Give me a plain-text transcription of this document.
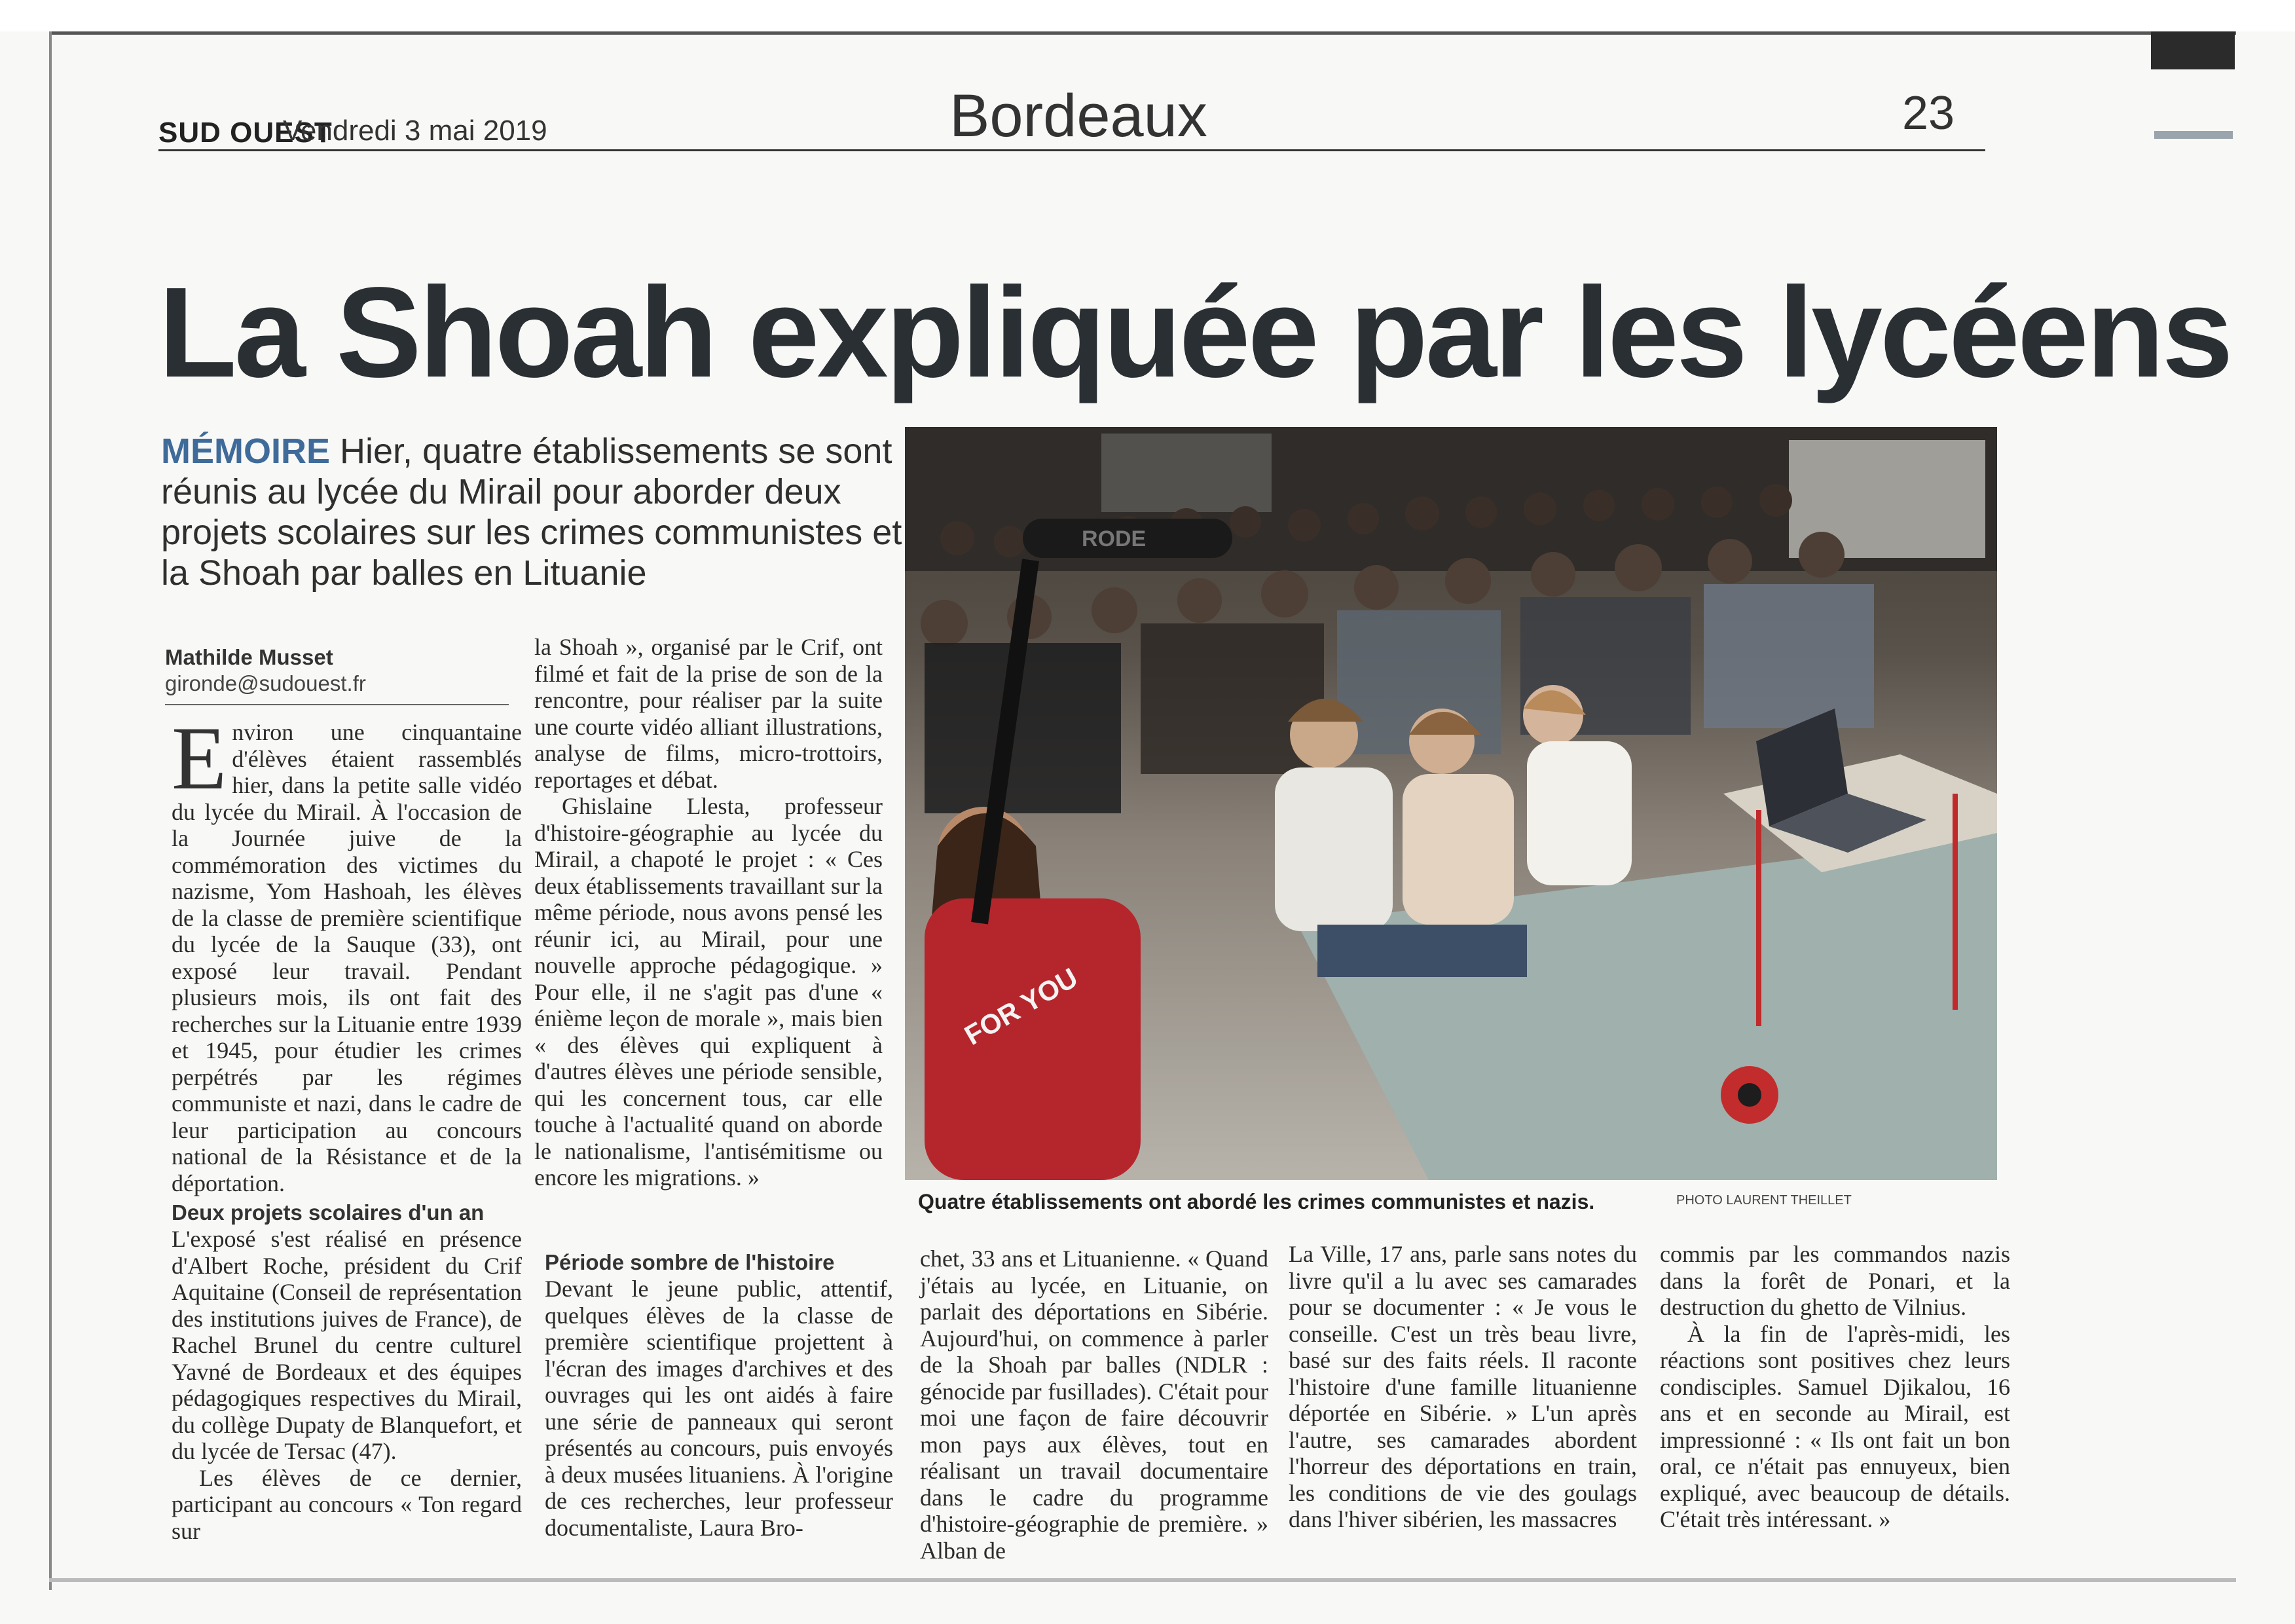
SUD OUEST
Vendredi 3 mai 2019	Bordeaux	23
La Shoah expliquée par les lycéens
MÉMOIRE Hier, quatre établissements se sont réunis au lycée du Mirail pour aborder deux projets scolaires sur les crimes communistes et la Shoah par balles en Lituanie
Mathilde Musset
gironde@sudouest.fr

Environ une cinquantaine d'élèves étaient rassemblés hier, dans la petite salle vidéo du lycée du Mirail. À l'occasion de la Journée juive de la commémoration des victimes du nazisme, Yom Hashoah, les élèves de la classe de première scientifique du lycée de la Sauque (33), ont exposé leur travail. Pendant plusieurs mois, ils ont fait des recherches sur la Lituanie entre 1939 et 1945, pour étudier les crimes perpétrés par les régimes communiste et nazi, dans le cadre de leur participation au concours national de la Résistance et de la déportation.

Deux projets scolaires d'un an

L'exposé s'est réalisé en présence d'Albert Roche, président du Crif Aquitaine (Conseil de représentation des institutions juives de France), de Rachel Brunel du centre culturel Yavné de Bordeaux et des équipes pédagogiques respectives du Mirail, du collège Dupaty de Blanquefort, et du lycée de Tersac (47).

Les élèves de ce dernier, participant au concours « Ton regard sur

la Shoah », organisé par le Crif, ont filmé et fait de la prise de son de la rencontre, pour réaliser par la suite une courte vidéo alliant illustrations, analyse de films, micro-trottoirs, reportages et débat.

Ghislaine Llesta, professeur d'histoire-géographie au lycée du Mirail, a chapoté le projet : « Ces deux établissements travaillant sur la même période, nous avons pensé les réunir ici, au Mirail, pour une nouvelle approche pédagogique. » Pour elle, il ne s'agit pas d'une « énième leçon de morale », mais bien « des élèves qui expliquent à d'autres élèves une période sensible, qui les concernent tous, car elle touche à l'actualité quand on aborde le nationalisme, l'antisémitisme ou encore les migrations. »

Période sombre de l'histoire

Devant le jeune public, attentif, quelques élèves de la classe de première scientifique projettent à l'écran des images d'archives et des ouvrages qui les ont aidés à faire une série de panneaux qui seront présentés au concours, puis envoyés à deux musées lituaniens. À l'origine de ces recherches, leur professeur documentaliste, Laura Bro-

chet, 33 ans et Lituanienne. « Quand j'étais au lycée, en Lituanie, on parlait des déportations en Sibérie. Aujourd'hui, on commence à parler de la Shoah par balles (NDLR : génocide par fusillades). C'était pour moi une façon de faire découvrir mon pays aux élèves, tout en réalisant un travail documentaire dans le cadre du programme d'histoire-géographie de première. » Alban de

La Ville, 17 ans, parle sans notes du livre qu'il a lu avec ses camarades pour se documenter : « Je vous le conseille. C'est un très beau livre, basé sur des faits réels. Il raconte l'histoire d'une famille lituanienne déportée en Sibérie. » L'un après l'autre, ses camarades abordent l'horreur des déportations en train, les conditions de vie des goulags dans l'hiver sibérien, les massacres

commis par les commandos nazis dans la forêt de Ponari, et la destruction du ghetto de Vilnius.

À la fin de l'après-midi, les réactions sont positives chez leurs condisciples. Samuel Djikalou, 16 ans et en seconde au Mirail, est impressionné : « Ils ont fait un bon oral, ce n'était pas ennuyeux, bien expliqué, avec beaucoup de détails. C'était très intéressant. »

RODE
FOR YOU
Quatre établissements ont abordé les crimes communistes et nazis.	PHOTO LAURENT THEILLET
